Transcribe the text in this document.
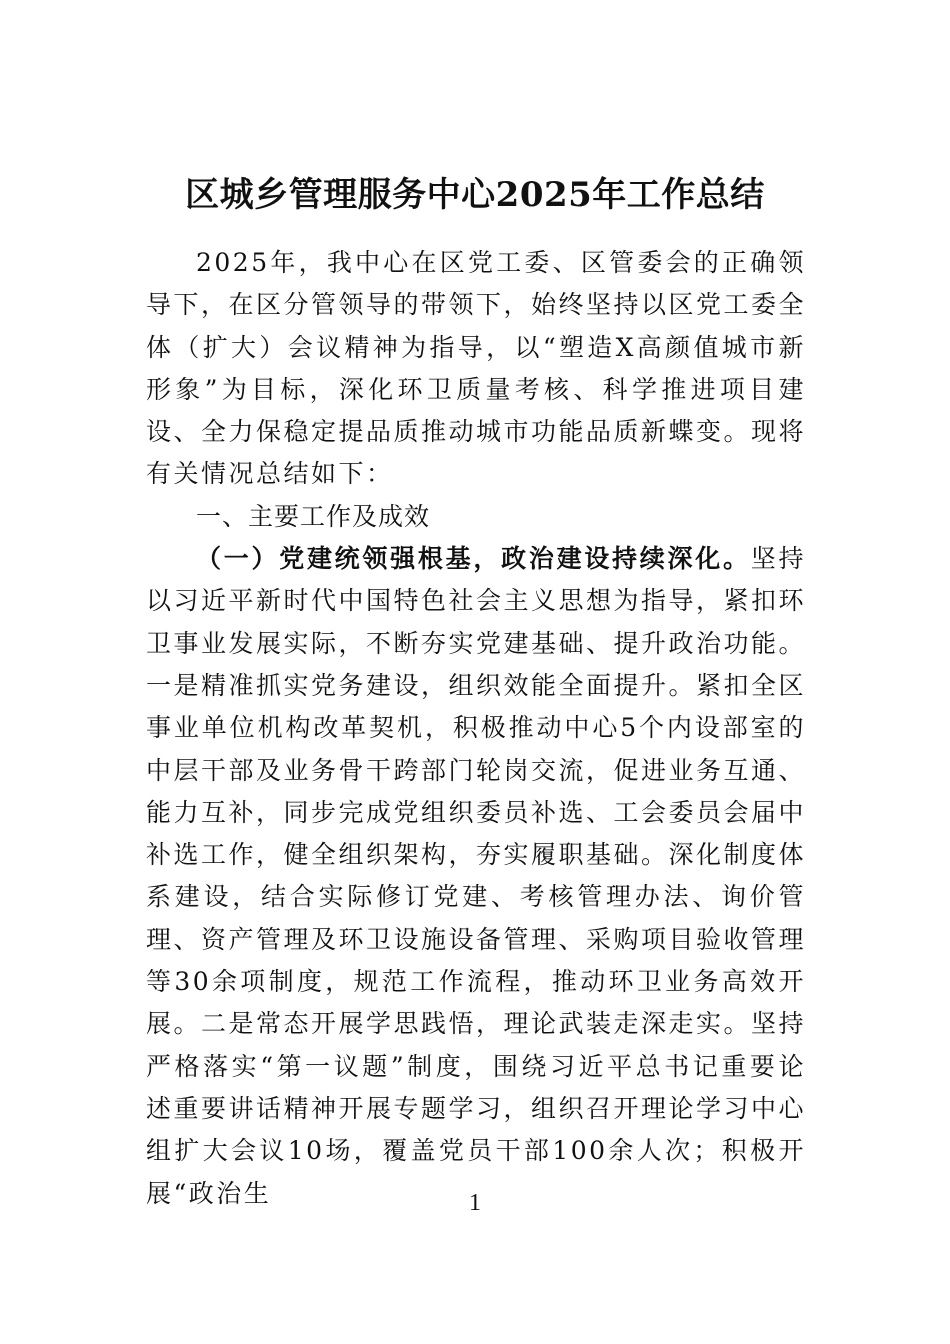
区城乡管理服务中心2025年工作总结

2025年，我中心在区党工委、区管委会的正确领导下，在区分管领导的带领下，始终坚持以区党工委全体（扩大）会议精神为指导，以“塑造X高颜值城市新形象”为目标，深化环卫质量考核、科学推进项目建设、全力保稳定提品质推动城市功能品质新蝶变。现将有关情况总结如下：

一、主要工作及成效

（一）党建统领强根基，政治建设持续深化。坚持以习近平新时代中国特色社会主义思想为指导，紧扣环卫事业发展实际，不断夯实党建基础、提升政治功能。一是精准抓实党务建设，组织效能全面提升。紧扣全区事业单位机构改革契机，积极推动中心5个内设部室的中层干部及业务骨干跨部门轮岗交流，促进业务互通、能力互补，同步完成党组织委员补选、工会委员会届中补选工作，健全组织架构，夯实履职基础。深化制度体系建设，结合实际修订党建、考核管理办法、询价管理、资产管理及环卫设施设备管理、采购项目验收管理等30余项制度，规范工作流程，推动环卫业务高效开展。二是常态开展学思践悟，理论武装走深走实。坚持严格落实“第一议题”制度，围绕习近平总书记重要论述重要讲话精神开展专题学习，组织召开理论学习中心组扩大会议10场，覆盖党员干部100余人次；积极开展“政治生	1
